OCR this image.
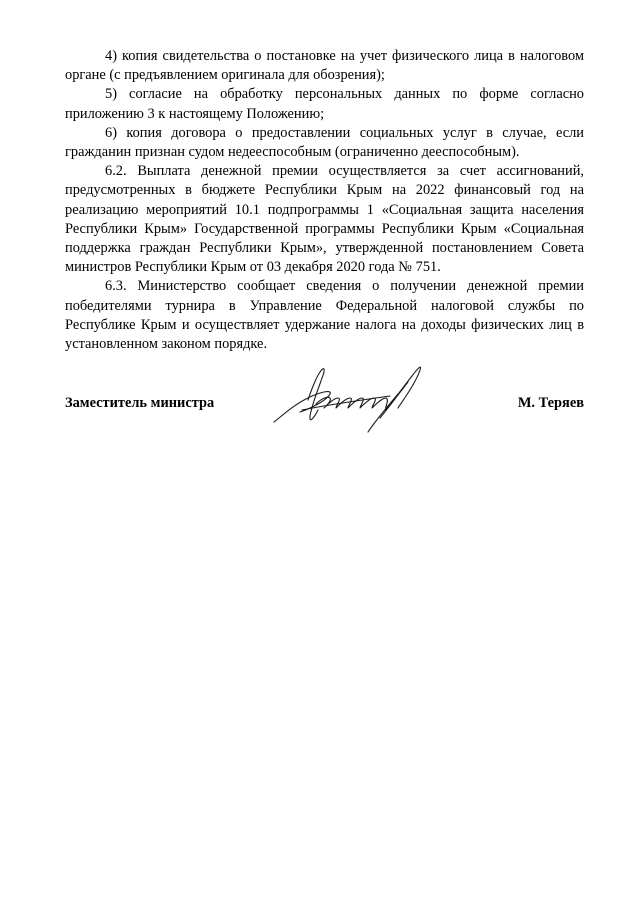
4) копия свидетельства о постановке на учет физического лица в налоговом органе (с предъявлением оригинала для обозрения);

5) согласие на обработку персональных данных по форме согласно приложению 3 к настоящему Положению;

6) копия договора о предоставлении социальных услуг в случае, если гражданин признан судом недееспособным (ограниченно дееспособным).

6.2. Выплата денежной премии осуществляется за счет ассигнований, предусмотренных в бюджете Республики Крым на 2022 финансовый год на реализацию мероприятий 10.1 подпрограммы 1 «Социальная защита населения Республики Крым» Государственной программы Республики Крым «Социальная поддержка граждан Республики Крым», утвержденной постановлением Совета министров Республики Крым от 03 декабря 2020 года № 751.

6.3. Министерство сообщает сведения о получении денежной премии победителями турнира в Управление Федеральной налоговой службы по Республике Крым и осуществляет удержание налога на доходы физических лиц в установленном законом порядке.

Заместитель министра	М. Теряев
